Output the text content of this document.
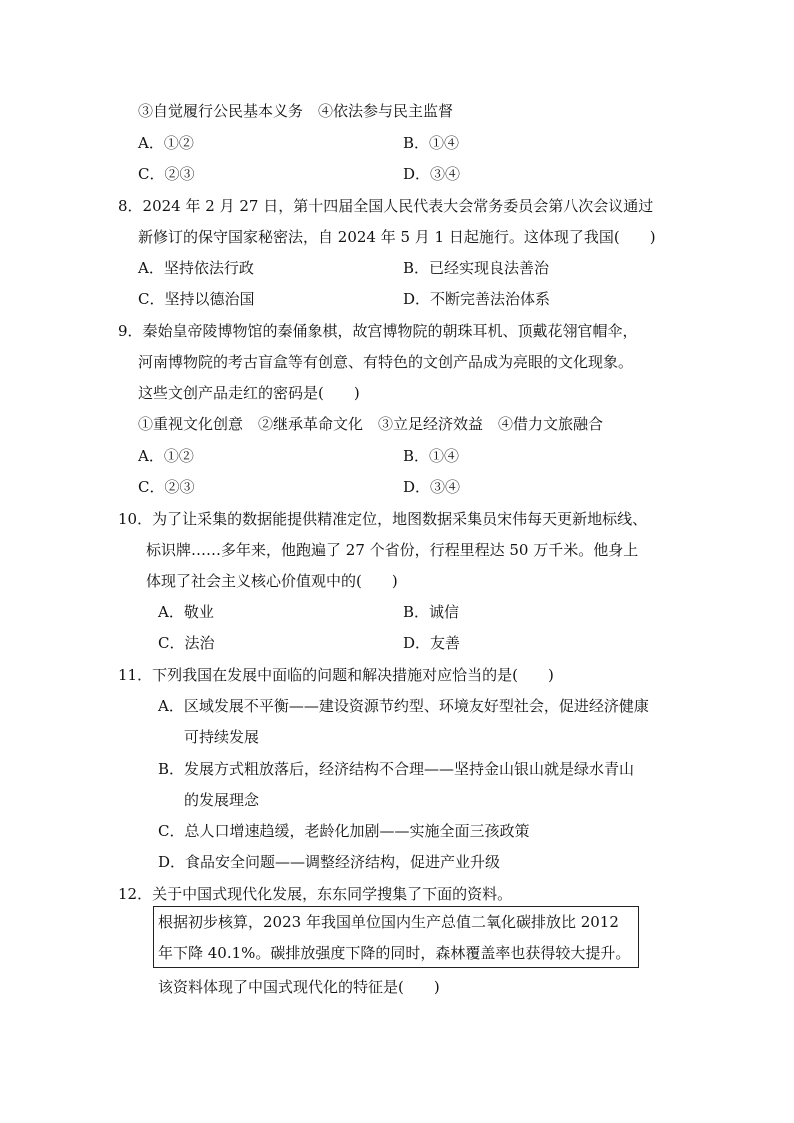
③自觉履行公民基本义务　④依法参与民主监督
A．①②	B．①④
C．②③	D．③④
8．2024 年 2 月 27 日，第十四届全国人民代表大会常务委员会第八次会议通过
新修订的保守国家秘密法，自 2024 年 5 月 1 日起施行。这体现了我国(　　)
A．坚持依法行政	B．已经实现良法善治
C．坚持以德治国	D．不断完善法治体系
9．秦始皇帝陵博物馆的秦俑象棋，故宫博物院的朝珠耳机、顶戴花翎官帽伞，
河南博物院的考古盲盒等有创意、有特色的文创产品成为亮眼的文化现象。
这些文创产品走红的密码是(　　)
①重视文化创意　②继承革命文化　③立足经济效益　④借力文旅融合
A．①②	B．①④
C．②③	D．③④
10．为了让采集的数据能提供精准定位，地图数据采集员宋伟每天更新地标线、
标识牌……多年来，他跑遍了 27 个省份，行程里程达 50 万千米。他身上
体现了社会主义核心价值观中的(　　)
A．敬业	B．诚信
C．法治	D．友善
11．下列我国在发展中面临的问题和解决措施对应恰当的是(　　)
A．区域发展不平衡——建设资源节约型、环境友好型社会，促进经济健康
可持续发展
B．发展方式粗放落后，经济结构不合理——坚持金山银山就是绿水青山
的发展理念
C．总人口增速趋缓，老龄化加剧——实施全面三孩政策
D．食品安全问题——调整经济结构，促进产业升级
12．关于中国式现代化发展，东东同学搜集了下面的资料。
根据初步核算，2023 年我国单位国内生产总值二氧化碳排放比 2012
年下降 40.1%。碳排放强度下降的同时，森林覆盖率也获得较大提升。
该资料体现了中国式现代化的特征是(　　)
